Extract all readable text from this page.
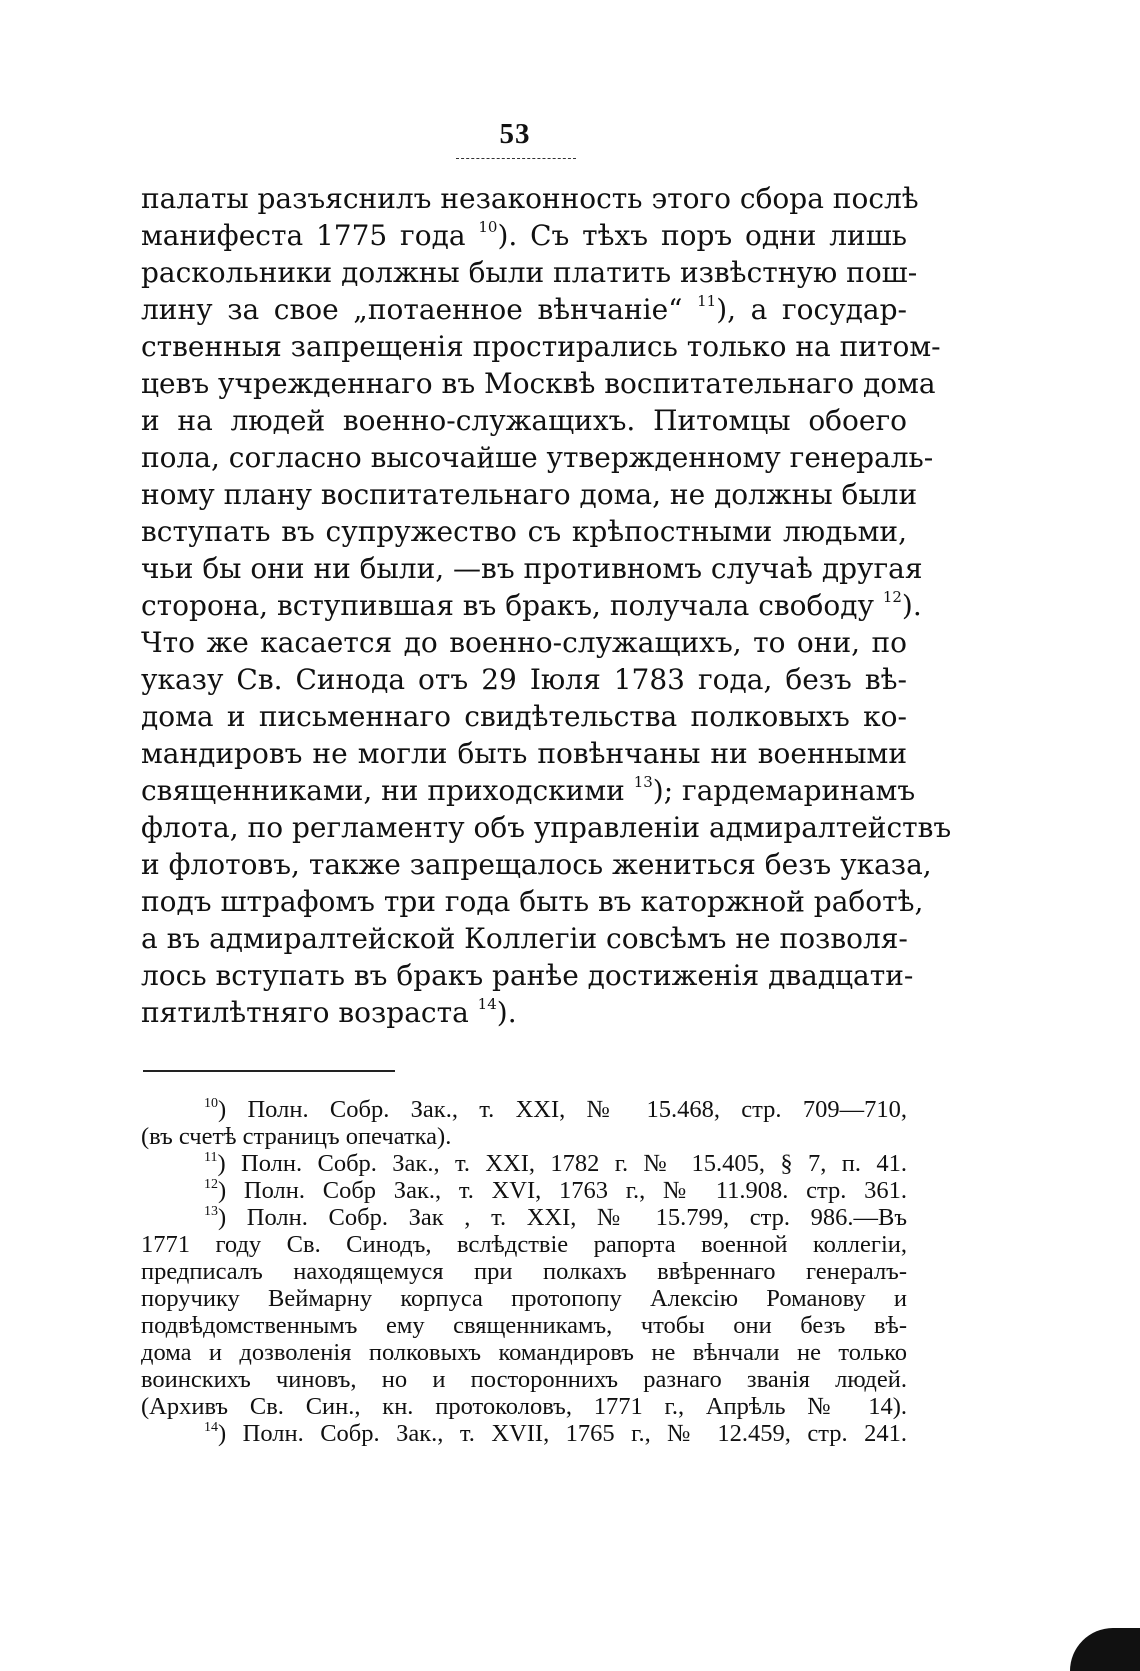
53
палаты разъяснилъ незаконность этого сбора послѣ
манифеста 1775 года $^{10}$). Съ тѣхъ поръ одни лишь
раскольники должны были платить извѣстную пош-
лину за свое „потаенное вѣнчаніе“ $^{11}$), а государ-
ственныя запрещенія простирались только на питом-
цевъ учрежденнаго въ Москвѣ воспитательнаго дома
и на людей военно-служащихъ. Питомцы обоего
пола, согласно высочайше утвержденному генераль-
ному плану воспитательнаго дома, не должны были
вступать въ супружество съ крѣпостными людьми,
чьи бы они ни были, —въ противномъ случаѣ другая
сторона, вступившая въ бракъ, получала свободу $^{12}$).
Что же касается до военно-служащихъ, то они, по
указу Св. Синода отъ 29 Іюля 1783 года, безъ вѣ-
дома и письменнаго свидѣтельства полковыхъ ко-
мандировъ не могли быть повѣнчаны ни военными
священниками, ни приходскими $^{13}$); гардемаринамъ
флота, по регламенту объ управленіи адмиралтействъ
и флотовъ, также запрещалось жениться безъ указа,
подъ штрафомъ три года быть въ каторжной работѣ,
а въ адмиралтейской Коллегіи совсѣмъ не позволя-
лось вступать въ бракъ ранѣе достиженія двадцати-
пятилѣтняго возраста $^{14}$).
$^{10}$) Полн. Собр. Зак., т. XXI, № 15.468, стр. 709—710,
(въ счетѣ страницъ опечатка).
$^{11}$) Полн. Собр. Зак., т. XXI, 1782 г. № 15.405, § 7, п. 41.
$^{12}$) Полн. Собр Зак., т. XVI, 1763 г., № 11.908. стр. 361.
$^{13}$) Полн. Собр. Зак , т. XXI, № 15.799, стр. 986.—Въ
1771 году Св. Синодъ, вслѣдствіе рапорта военной коллегіи,
предписалъ находящемуся при полкахъ ввѣреннаго генералъ-
поручику Веймарну корпуса протопопу Алексію Романову и
подвѣдомственнымъ ему священникамъ, чтобы они безъ вѣ-
дома и дозволенія полковыхъ командировъ не вѣнчали не только
воинскихъ чиновъ, но и постороннихъ разнаго званія людей.
(Архивъ Св. Син., кн. протоколовъ, 1771 г., Апрѣль № 14).
$^{14}$) Полн. Собр. Зак., т. XVII, 1765 г., № 12.459, стр. 241.
